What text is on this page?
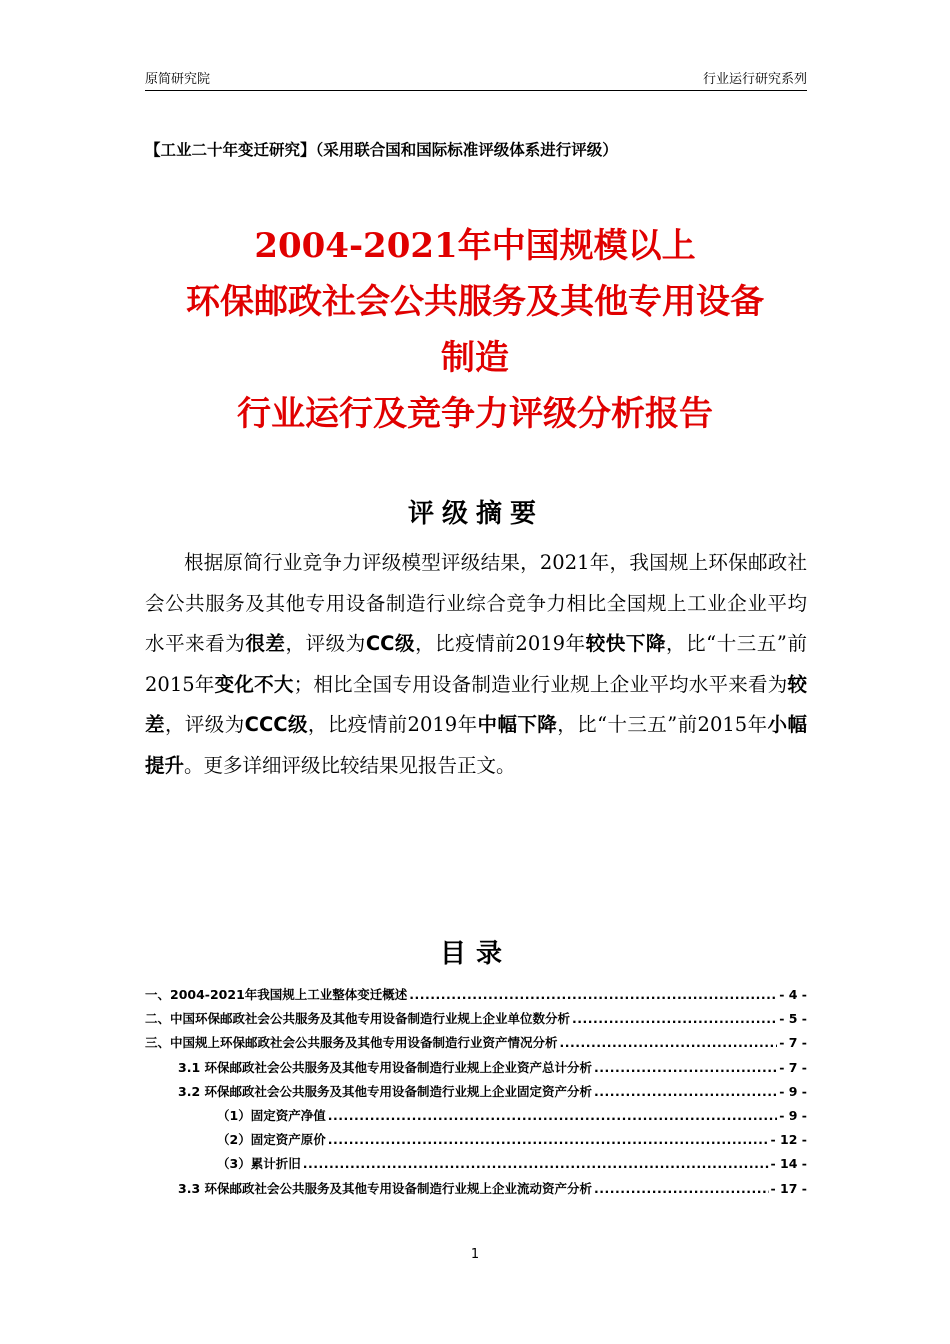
原简研究院	行业运行研究系列
【工业二十年变迁研究】（采用联合国和国际标准评级体系进行评级）
2004-2021年中国规模以上
环保邮政社会公共服务及其他专用设备
制造
行业运行及竞争力评级分析报告
评级摘要

根据原简行业竞争力评级模型评级结果，2021年，我国规上环保邮政社会公共服务及其他专用设备制造行业综合竞争力相比全国规上工业企业平均水平来看为很差，评级为CC级，比疫情前2019年较快下降，比“十三五”前2015年变化不大；相比全国专用设备制造业行业规上企业平均水平来看为较差，评级为CCC级，比疫情前2019年中幅下降，比“十三五”前2015年小幅提升。更多详细评级比较结果见报告正文。

目录
一、2004-2021年我国规上工业整体变迁概述 .....	- 4 -
二、中国环保邮政社会公共服务及其他专用设备制造行业规上企业单位数分析 .....	- 5 -
三、中国规上环保邮政社会公共服务及其他专用设备制造行业资产情况分析 .....	- 7 -
3.1 环保邮政社会公共服务及其他专用设备制造行业规上企业资产总计分析 .....	- 7 -
3.2 环保邮政社会公共服务及其他专用设备制造行业规上企业固定资产分析 .....	- 9 -
（1）固定资产净值 .....	- 9 -
（2）固定资产原价 .....	- 12 -
（3）累计折旧 .....	- 14 -
3.3 环保邮政社会公共服务及其他专用设备制造行业规上企业流动资产分析 .....	- 17 -
1
